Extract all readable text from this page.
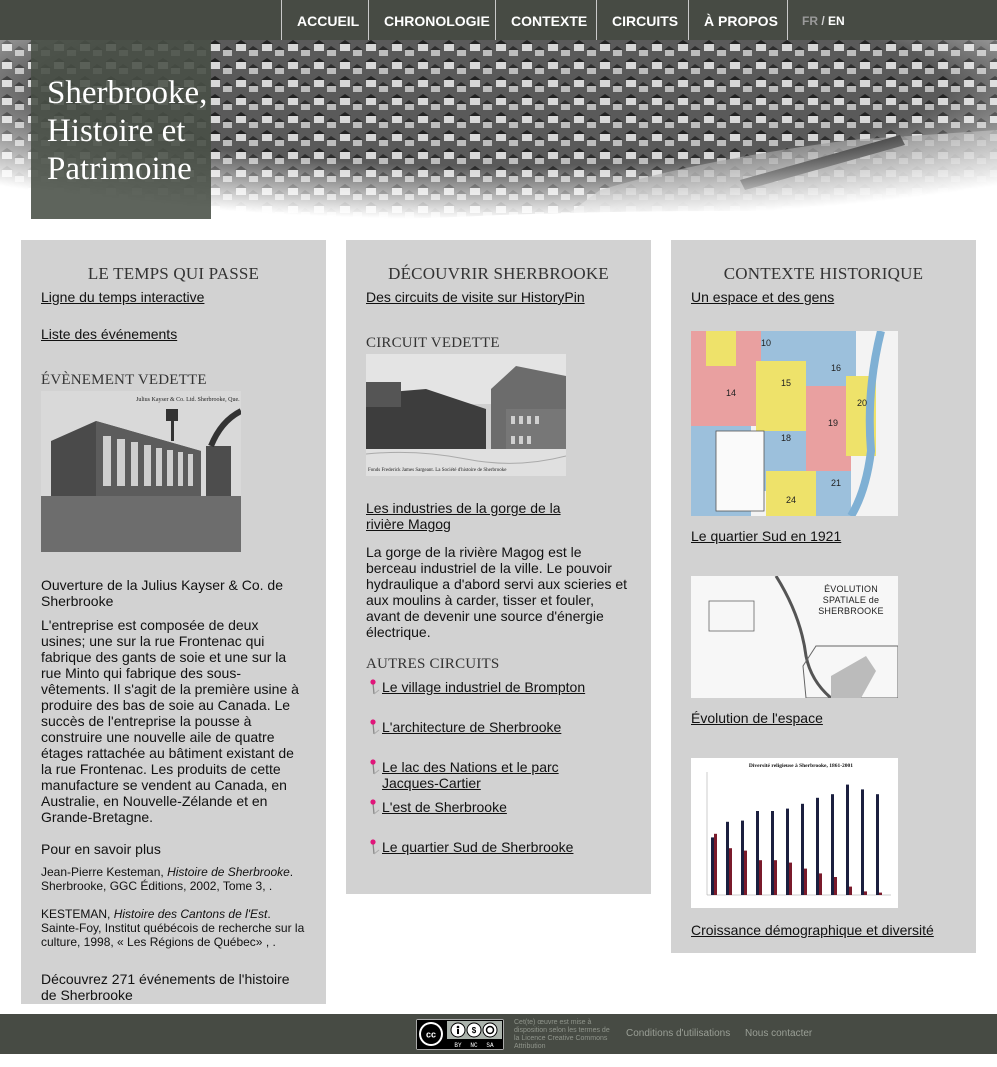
ACCUEIL	CHRONOLOGIE	CONTEXTE	CIRCUITS	À PROPOS	FR / EN
Sherbrooke,
Histoire et
Patrimoine
LE TEMPS QUI PASSE
Ligne du temps interactive
Liste des événements
ÉVÈNEMENT VEDETTE
Julius Kayser & Co. Ltd. Sherbrooke, Que.

Ouverture de la Julius Kayser & Co. de Sherbrooke

L'entreprise est composée de deux usines; une sur la rue Frontenac qui fabrique des gants de soie et une sur la rue Minto qui fabrique des sous-vêtements. Il s'agit de la première usine à produire des bas de soie au Canada. Le succès de l'entreprise la pousse à construire une nouvelle aile de quatre étages rattachée au bâtiment existant de la rue Frontenac. Les produits de cette manufacture se vendent au Canada, en Australie, en Nouvelle-Zélande et en Grande-Bretagne.

Pour en savoir plus

Jean-Pierre Kesteman, Histoire de Sherbrooke. Sherbrooke, GGC Éditions, 2002, Tome 3, .

KESTEMAN, Histoire des Cantons de l'Est. Sainte-Foy, Institut québécois de recherche sur la culture, 1998, « Les Régions de Québec» , .

Découvrez 271 événements de l'histoire de Sherbrooke

DÉCOUVRIR SHERBROOKE
Des circuits de visite sur HistoryPin
CIRCUIT VEDETTE
Fonds Frederick James Sargeant. La Société d'histoire de Sherbrooke
Les industries de la gorge de la rivière Magog

La gorge de la rivière Magog est le berceau industriel de la ville. Le pouvoir hydraulique a d'abord servi aux scieries et aux moulins à carder, tisser et fouler, avant de devenir une source d'énergie électrique.

AUTRES CIRCUITS
Le village industriel de Brompton
L'architecture de Sherbrooke
Le lac des Nations et le parc Jacques-Cartier
L'est de Sherbrooke
Le quartier Sud de Sherbrooke
CONTEXTE HISTORIQUE
Un espace et des gens
10
15
16
14
19
20
18
21
24
Le quartier Sud en 1921
ÉVOLUTION SPATIALE de SHERBROOKE
Évolution de l'espace
Diversité religieuse à Sherbrooke, 1861-2001
Croissance démographique et diversité
cc	$
BY NC SA
Cet(te) œuvre est mise à disposition selon les termes de la Licence Creative Commons Attribution
Conditions d'utilisations Nous contacter
